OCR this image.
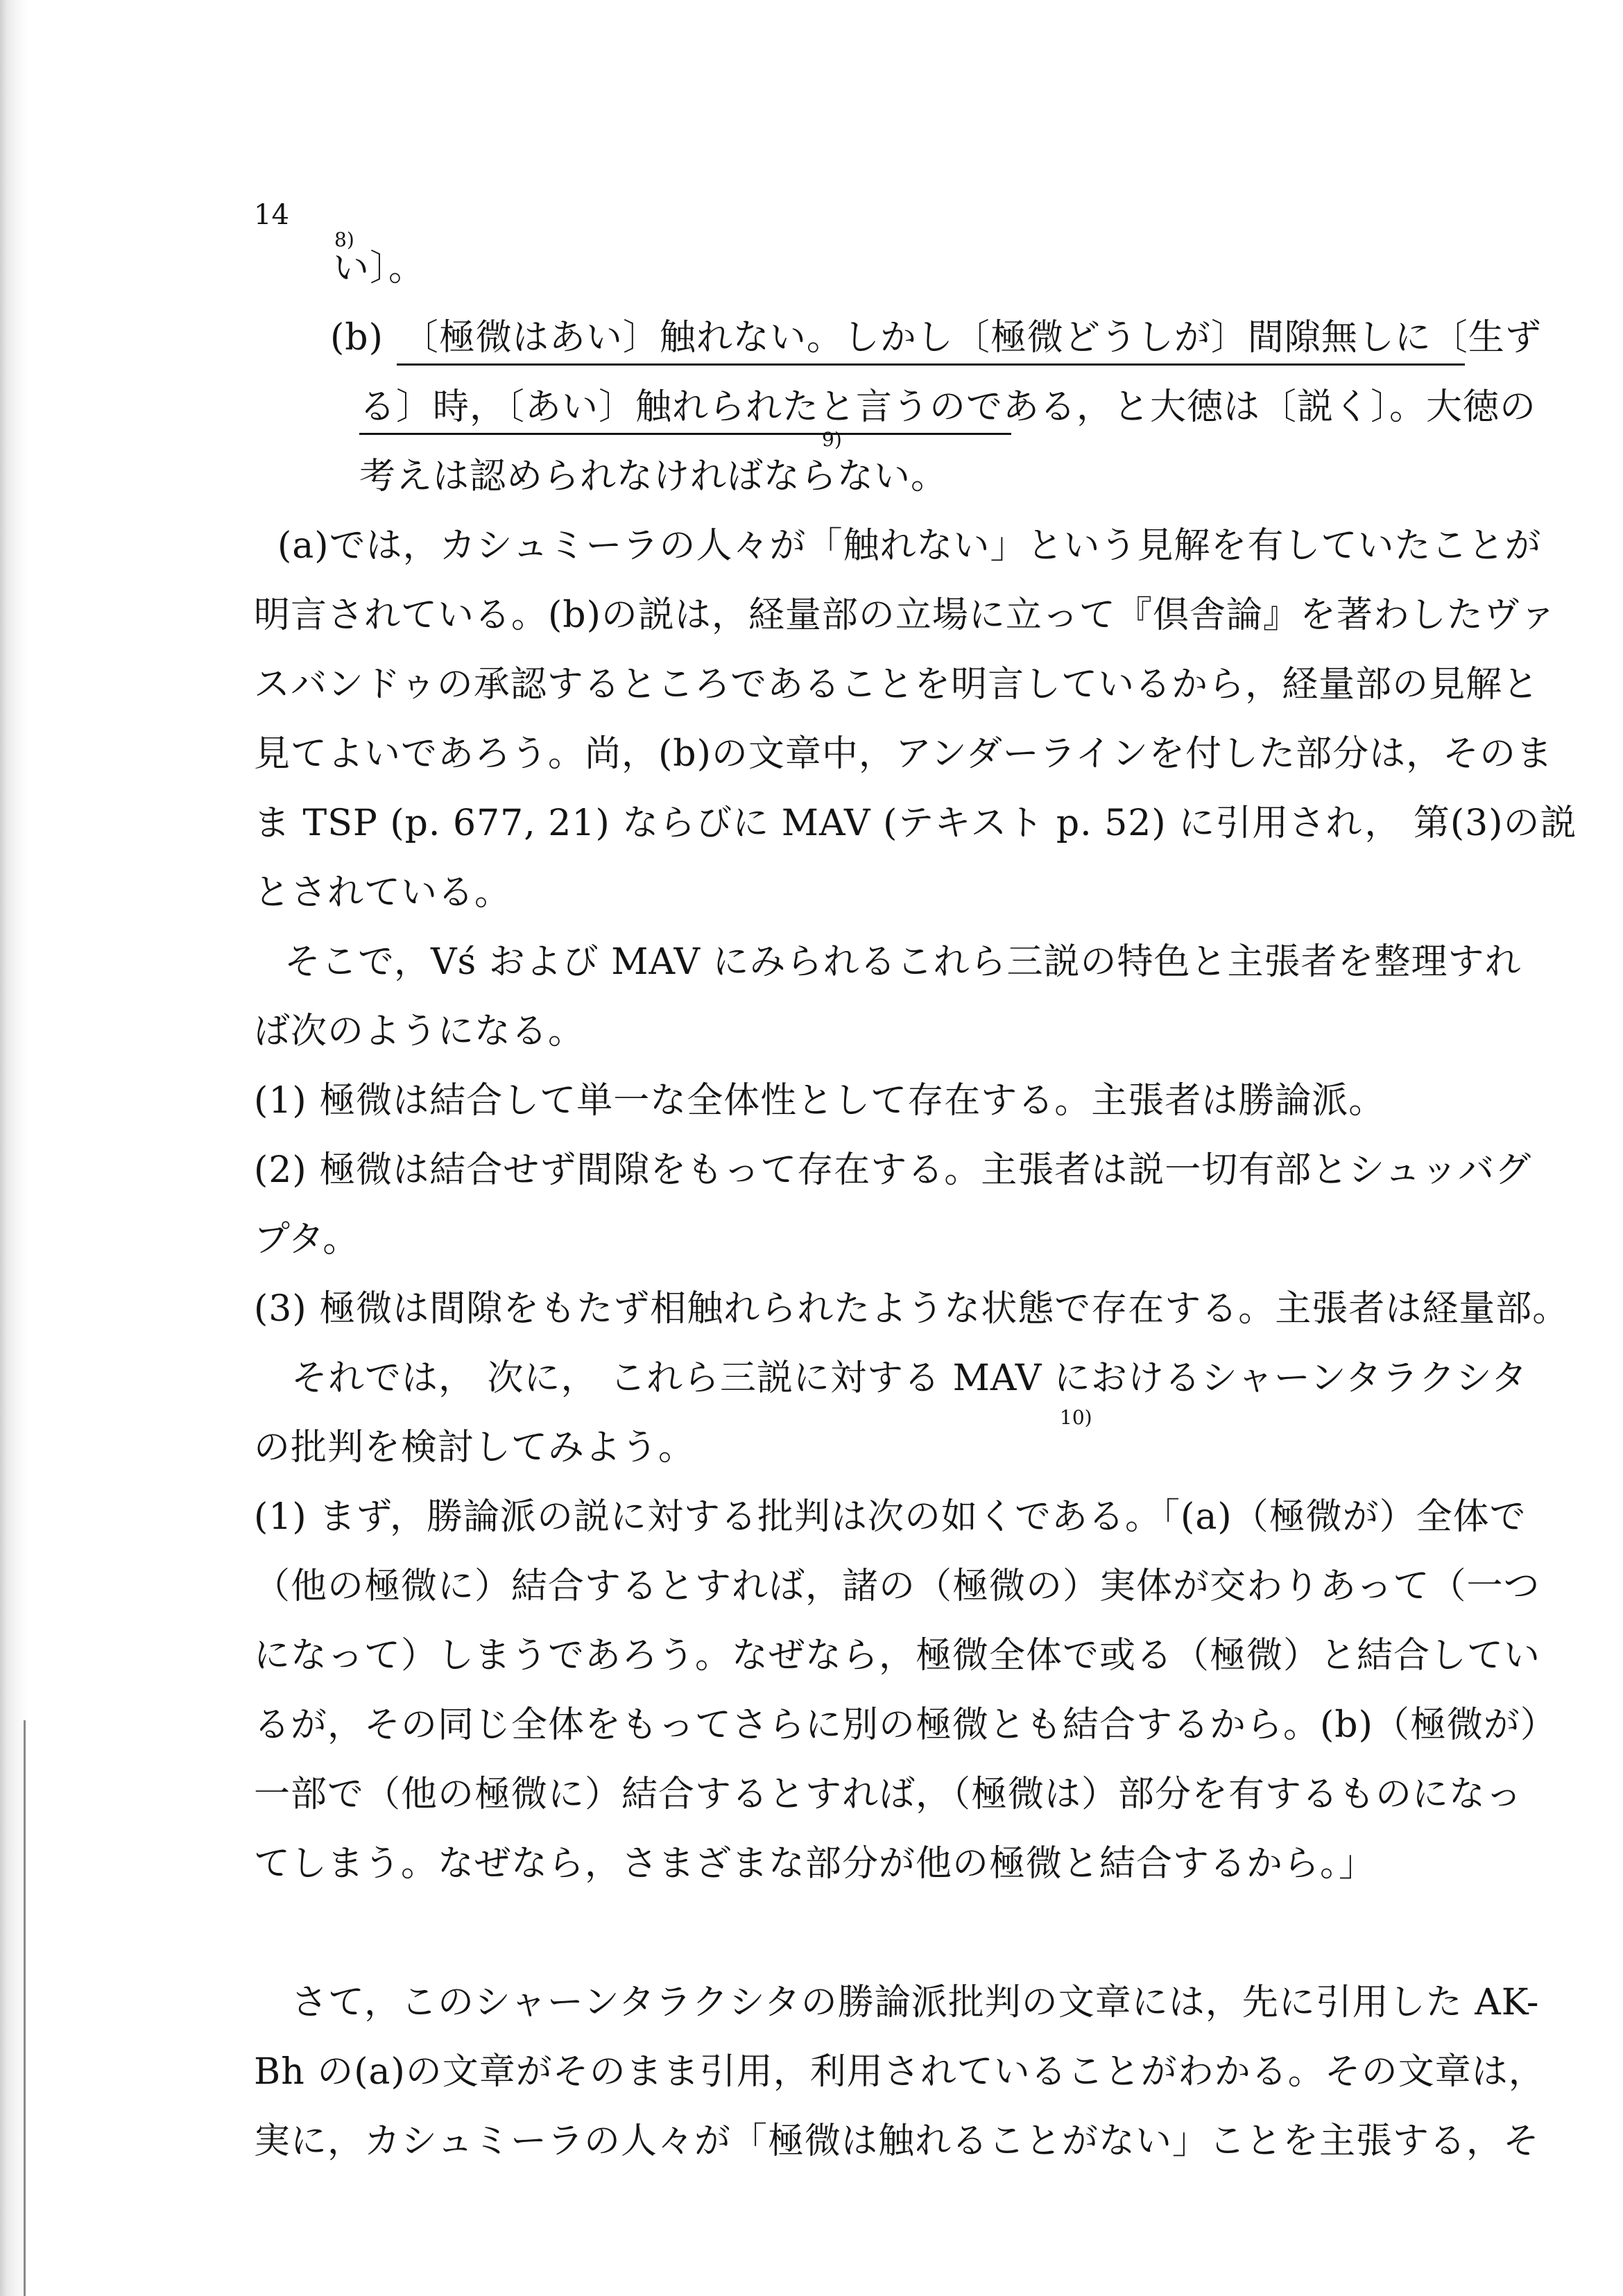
14
8)

い〕。

(b)　〔極微はあい〕触れない。しかし〔極微どうしが〕間隙無しに〔生ず

る〕時，〔あい〕触れられたと言うのである，と大徳は〔説く〕。大徳の

9)

考えは認められなければならない。

(a)では，カシュミーラの人々が「触れない」という見解を有していたことが

明言されている。(b)の説は，経量部の立場に立って『倶舎論』を著わしたヴァ

スバンドゥの承認するところであることを明言しているから，経量部の見解と

見てよいであろう。尚，(b)の文章中，アンダーラインを付した部分は，そのま

ま TSP (p. 677, 21) ならびに MAV (テキスト p. 52) に引用され， 第(3)の説

とされている。

そこで，Vś および MAV にみられるこれら三説の特色と主張者を整理すれ

ば次のようになる。

(1) 極微は結合して単一な全体性として存在する。主張者は勝論派。

(2) 極微は結合せず間隙をもって存在する。主張者は説一切有部とシュッバグ

プタ。

(3) 極微は間隙をもたず相触れられたような状態で存在する。主張者は経量部。

それでは， 次に， これら三説に対する MAV におけるシャーンタラクシタ

の批判を検討してみよう。

10)

(1) まず，勝論派の説に対する批判は次の如くである。「(a)（極微が）全体で

（他の極微に）結合するとすれば，諸の（極微の）実体が交わりあって（一つ

になって）しまうであろう。なぜなら，極微全体で或る（極微）と結合してい

るが，その同じ全体をもってさらに別の極微とも結合するから。(b)（極微が）

一部で（他の極微に）結合するとすれば，（極微は）部分を有するものになっ

てしまう。なぜなら，さまざまな部分が他の極微と結合するから。」

さて，このシャーンタラクシタの勝論派批判の文章には，先に引用した AK-

Bh の(a)の文章がそのまま引用，利用されていることがわかる。その文章は，

実に，カシュミーラの人々が「極微は触れることがない」ことを主張する，そ
